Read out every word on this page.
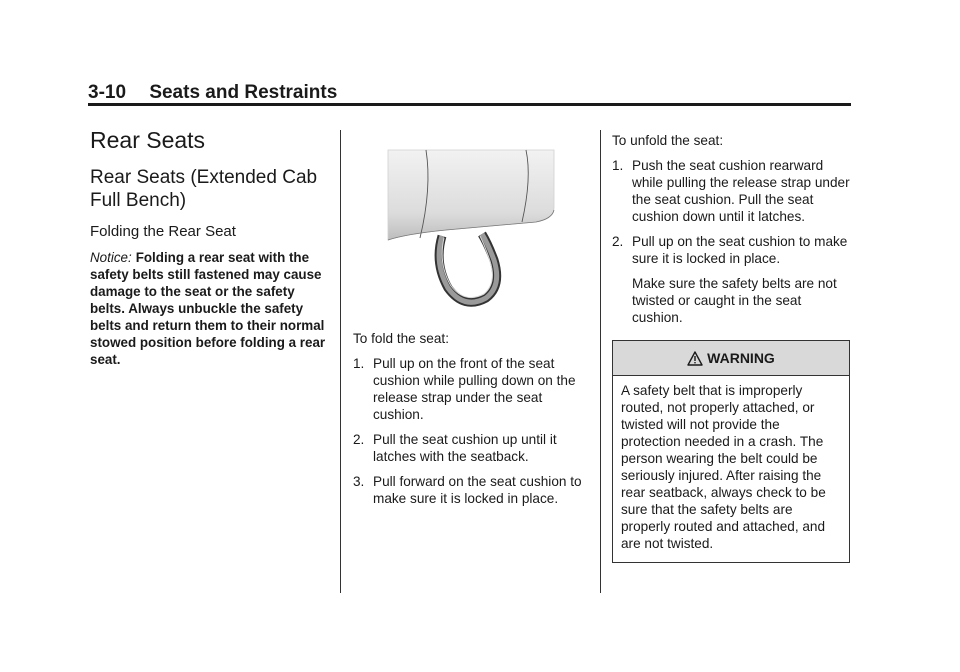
3-10 Seats and Restraints
Rear Seats
Rear Seats (Extended Cab Full Bench)
Folding the Rear Seat

Notice: Folding a rear seat with the safety belts still fastened may cause damage to the seat or the safety belts. Always unbuckle the safety belts and return them to their normal stowed position before folding a rear seat.

To fold the seat:

1. Pull up on the front of the seat cushion while pulling down on the release strap under the seat cushion.
2. Pull the seat cushion up until it latches with the seatback.
3. Pull forward on the seat cushion to make sure it is locked in place.

To unfold the seat:

1. Push the seat cushion rearward while pulling the release strap under the seat cushion. Pull the seat cushion down until it latches.
2. Pull up on the seat cushion to make sure it is locked in place.

Make sure the safety belts are not twisted or caught in the seat cushion.

WARNING
A safety belt that is improperly routed, not properly attached, or twisted will not provide the protection needed in a crash. The person wearing the belt could be seriously injured. After raising the rear seatback, always check to be sure that the safety belts are properly routed and attached, and are not twisted.
